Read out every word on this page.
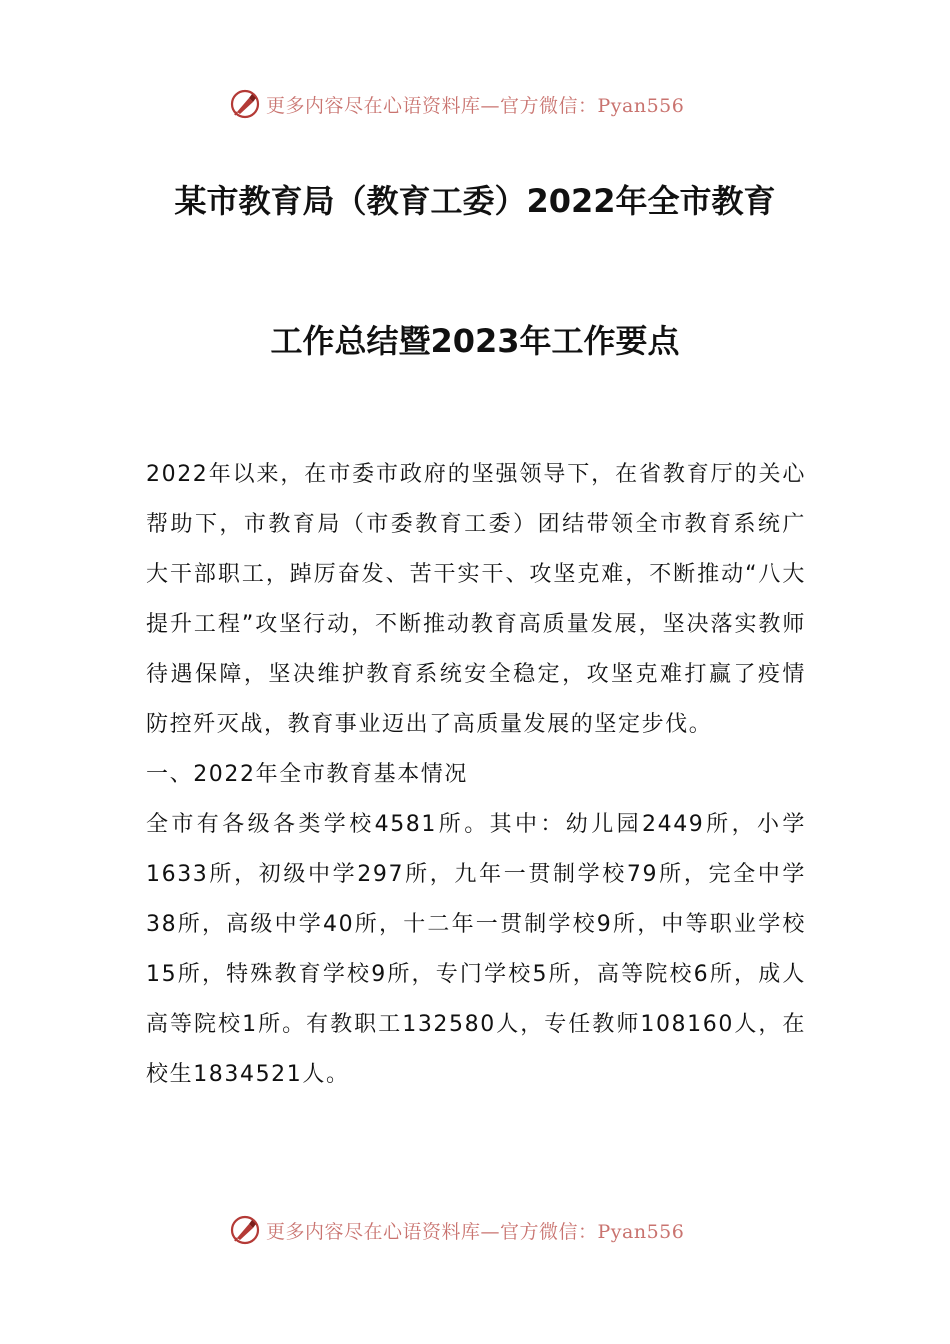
更多内容尽在心语资料库—官方微信：Pyan556
某市教育局（教育工委）2022年全市教育
工作总结暨2023年工作要点

2022年以来，在市委市政府的坚强领导下，在省教育厅的关心帮助下，市教育局（市委教育工委）团结带领全市教育系统广大干部职工，踔厉奋发、苦干实干、攻坚克难，不断推动“八大提升工程”攻坚行动，不断推动教育高质量发展，坚决落实教师待遇保障，坚决维护教育系统安全稳定，攻坚克难打赢了疫情防控歼灭战，教育事业迈出了高质量发展的坚定步伐。

一、2022年全市教育基本情况

全市有各级各类学校4581所。其中：幼儿园2449所，小学1633所，初级中学297所，九年一贯制学校79所，完全中学38所，高级中学40所，十二年一贯制学校9所，中等职业学校15所，特殊教育学校9所，专门学校5所，高等院校6所，成人高等院校1所。有教职工132580人，专任教师108160人，在校生1834521人。

更多内容尽在心语资料库—官方微信：Pyan556
